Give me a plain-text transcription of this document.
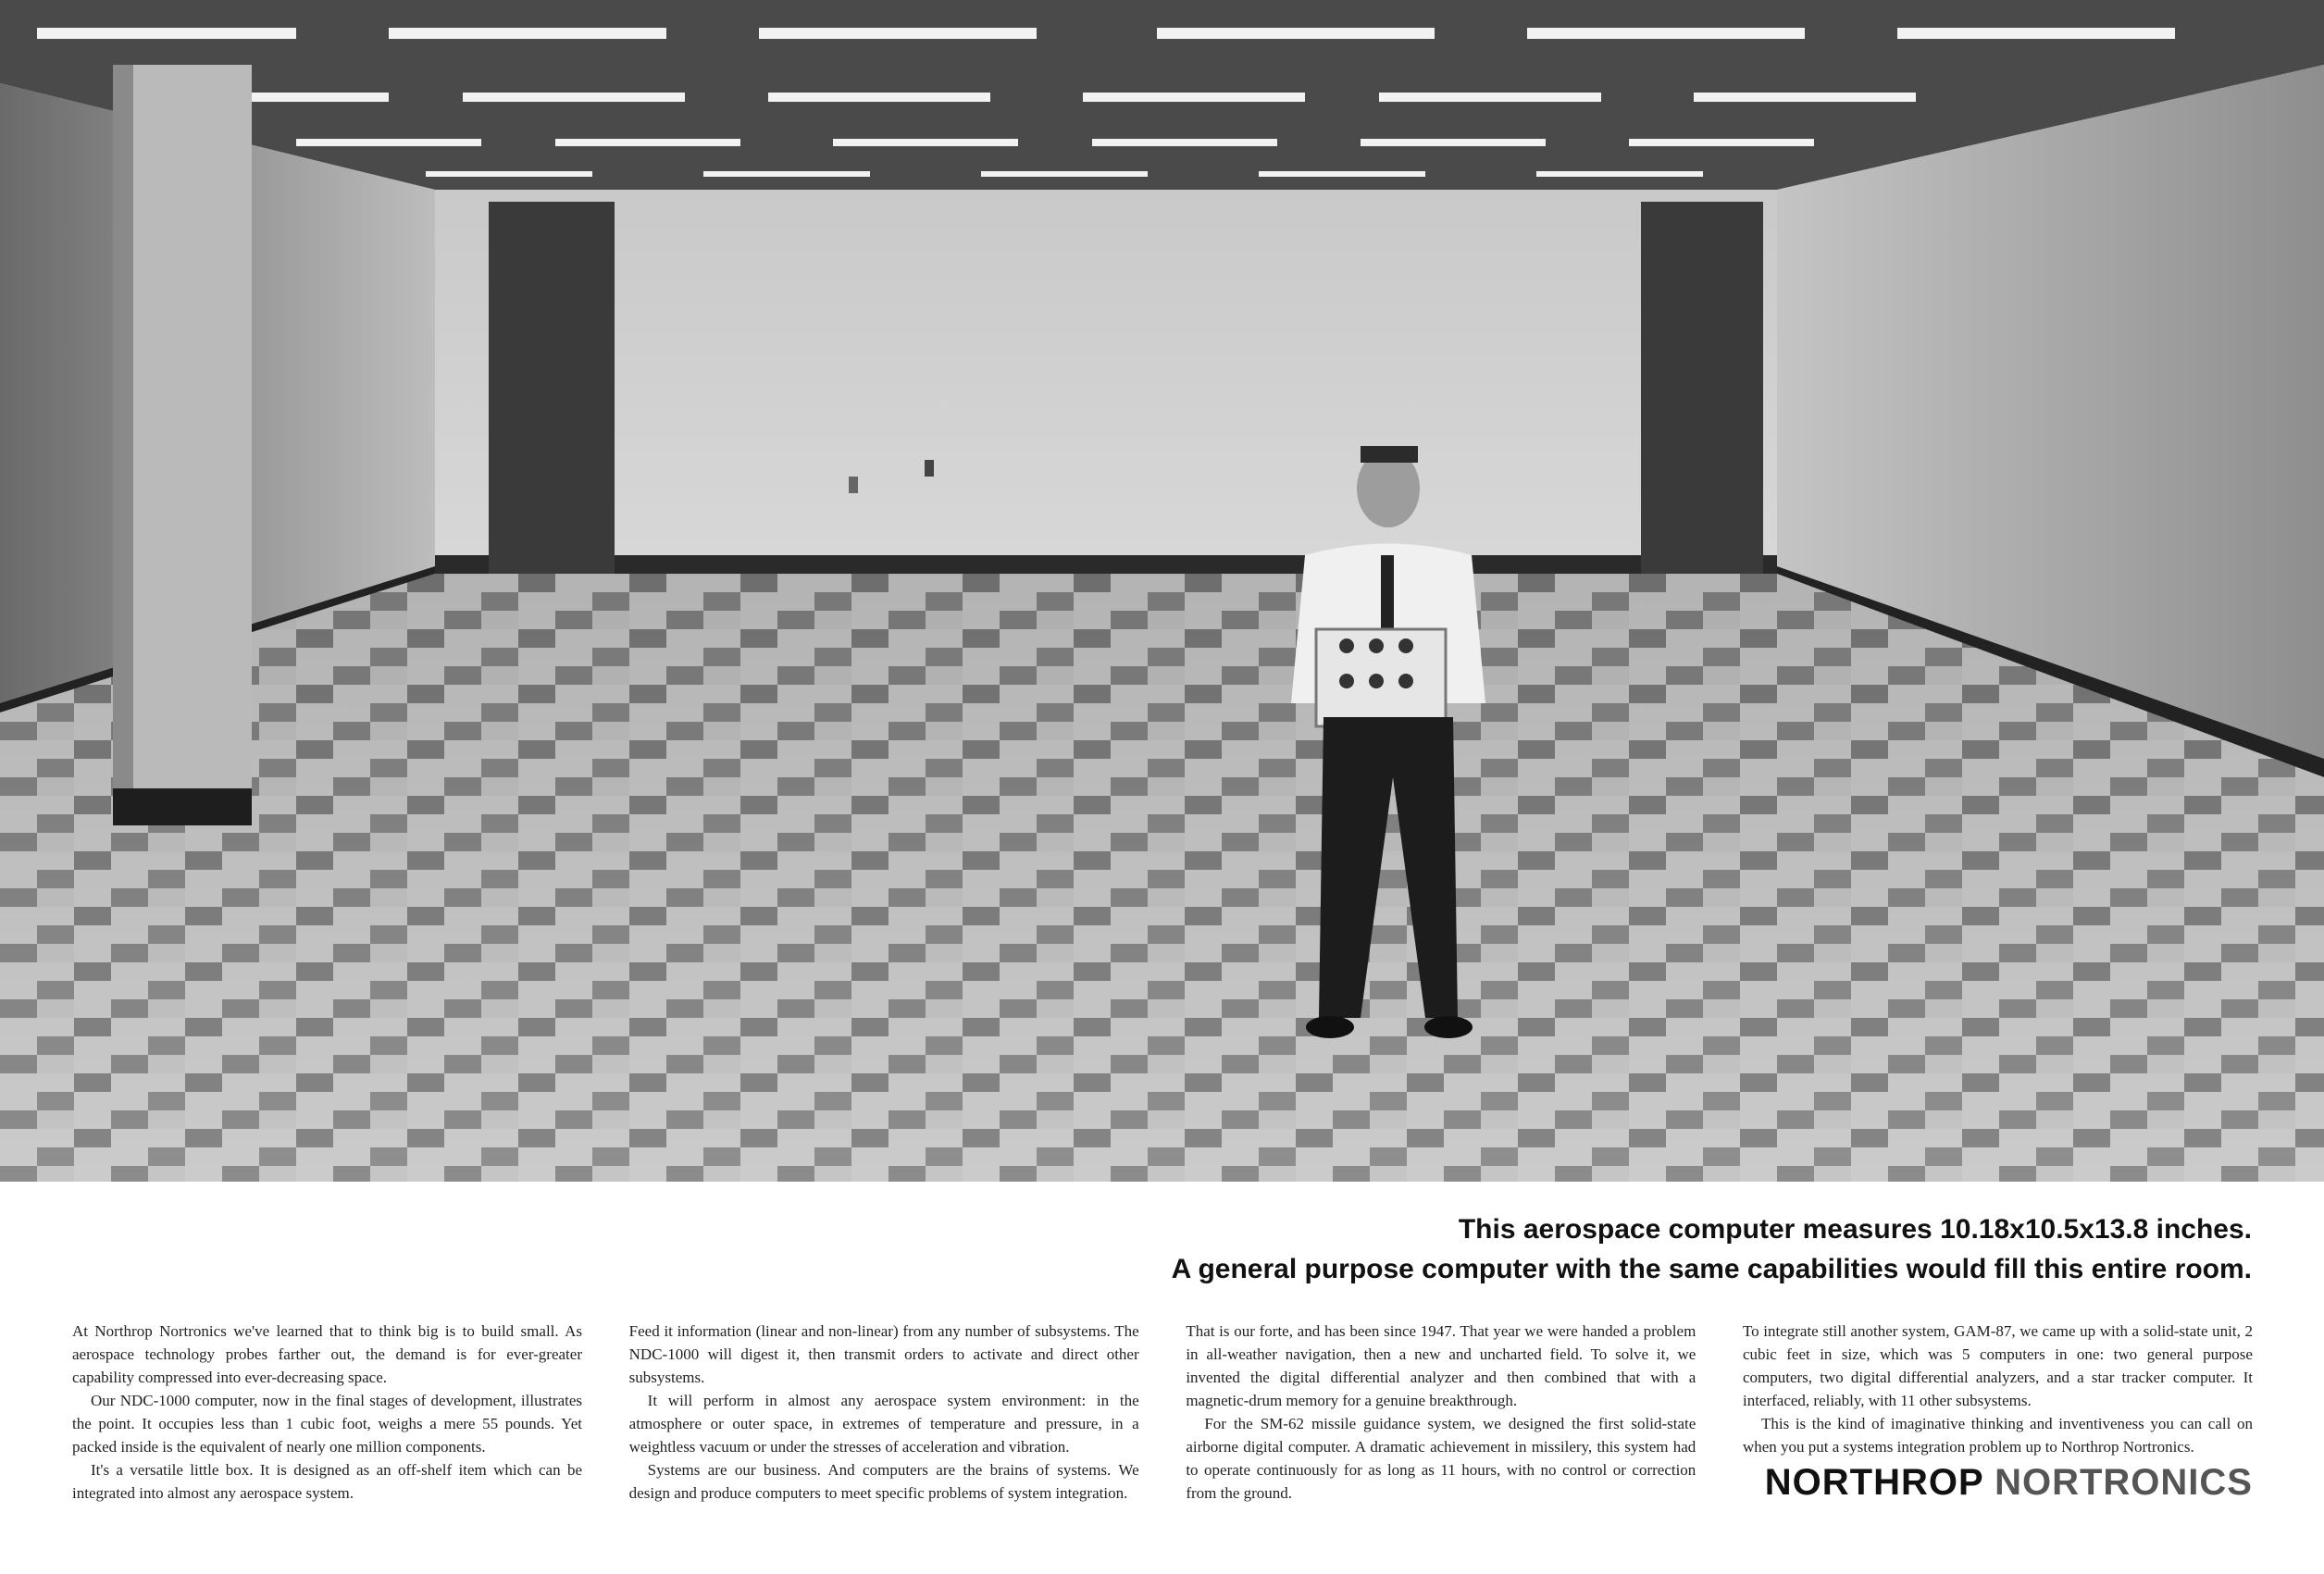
This aerospace computer measures 10.18x10.5x13.8 inches.
A general purpose computer with the same capabilities would fill this entire room.

At Northrop Nortronics we've learned that to think big is to build small. As aerospace technology probes farther out, the demand is for ever-greater capability compressed into ever-decreasing space.

Our NDC-1000 computer, now in the final stages of development, illustrates the point. It occupies less than 1 cubic foot, weighs a mere 55 pounds. Yet packed inside is the equivalent of nearly one million components.

It's a versatile little box. It is designed as an off-shelf item which can be integrated into almost any aerospace system.

Feed it information (linear and non-linear) from any number of subsystems. The NDC-1000 will digest it, then transmit orders to activate and direct other subsystems.

It will perform in almost any aerospace system environment: in the atmosphere or outer space, in extremes of temperature and pressure, in a weightless vacuum or under the stresses of acceleration and vibration.

Systems are our business. And computers are the brains of systems. We design and produce computers to meet specific problems of system integration.

That is our forte, and has been since 1947. That year we were handed a problem in all-weather navigation, then a new and uncharted field. To solve it, we invented the digital differential analyzer and then combined that with a magnetic-drum memory for a genuine breakthrough.

For the SM-62 missile guidance system, we designed the first solid-state airborne digital computer. A dramatic achievement in missilery, this system had to operate continuously for as long as 11 hours, with no control or correction from the ground.

To integrate still another system, GAM-87, we came up with a solid-state unit, 2 cubic feet in size, which was 5 computers in one: two general purpose computers, two digital differential analyzers, and a star tracker computer. It interfaced, reliably, with 11 other subsystems.

This is the kind of imaginative thinking and inventiveness you can call on when you put a systems integration problem up to Northrop Nortronics.

NORTHROP NORTRONICS
